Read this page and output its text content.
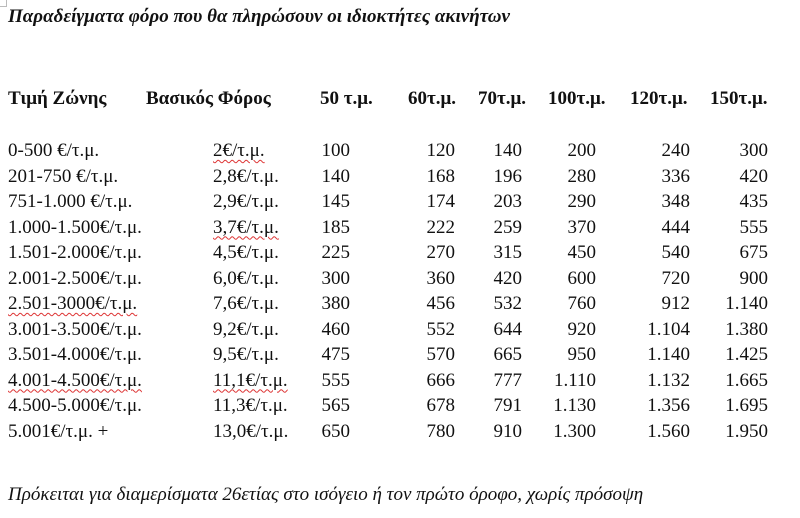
Παραδείγματα φόρο που θα πληρώσουν οι ιδιοκτήτες ακινήτων
Τιμή Ζώνης Βασικός Φόρος	50 τ.μ. 60τ.μ. 70τ.μ. 100τ.μ. 120τ.μ. 150τ.μ.
0-500 €/τ.μ.	2€/τ.μ.	100	120 140 200	240	300
201-750 €/τ.μ.	2,8€/τ.μ. 140	168 196 280	336	420
751-1.000 €/τ.μ.	2,9€/τ.μ. 145	174 203 290	348	435
1.000-1.500€/τ.μ.	3,7€/τ.μ. 185	222 259 370	444	555
1.501-2.000€/τ.μ.	4,5€/τ.μ. 225	270 315 450	540	675
2.001-2.500€/τ.μ.	6,0€/τ.μ. 300	360 420 600	720	900
2.501-3000€/τ.μ.	7,6€/τ.μ. 380	456 532 760	912 1.140
3.001-3.500€/τ.μ.	9,2€/τ.μ. 460	552 644 920	1.104 1.380
3.501-4.000€/τ.μ.	9,5€/τ.μ. 475	570 665 950	1.140 1.425
4.001-4.500€/τ.μ.	11,1€/τ.μ. 555	666 777 1.110	1.132 1.665
4.500-5.000€/τ.μ.	11,3€/τ.μ. 565	678 791 1.130	1.356 1.695
5.001€/τ.μ. +	13,0€/τ.μ. 650	780 910 1.300	1.560 1.950
Πρόκειται για διαμερίσματα 26ετίας στο ισόγειο ή τον πρώτο όροφο, χωρίς πρόσοψη
